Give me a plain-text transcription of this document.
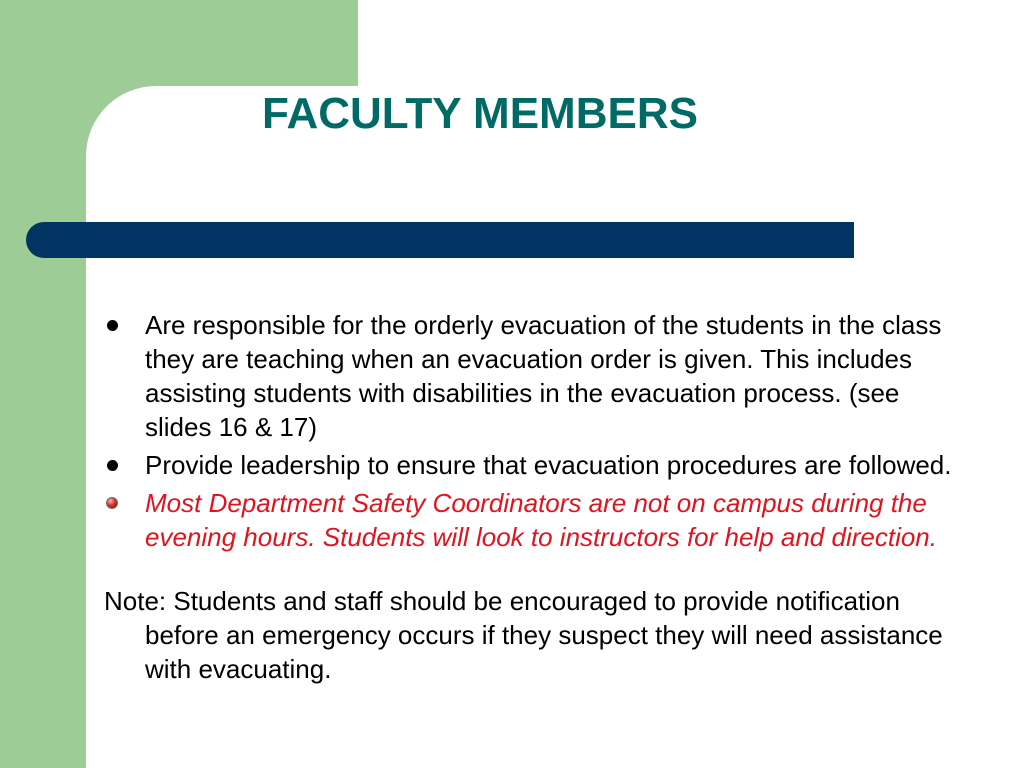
FACULTY MEMBERS
Are responsible for the orderly evacuation of the students in the class they are teaching when an evacuation order is given. This includes assisting students with disabilities in the evacuation process. (see slides 16 & 17)
Provide leadership to ensure that evacuation procedures are followed.
Most Department Safety Coordinators are not on campus during the evening hours. Students will look to instructors for help and direction.

Note: Students and staff should be encouraged to provide notification before an emergency occurs if they suspect they will need assistance with evacuating.
